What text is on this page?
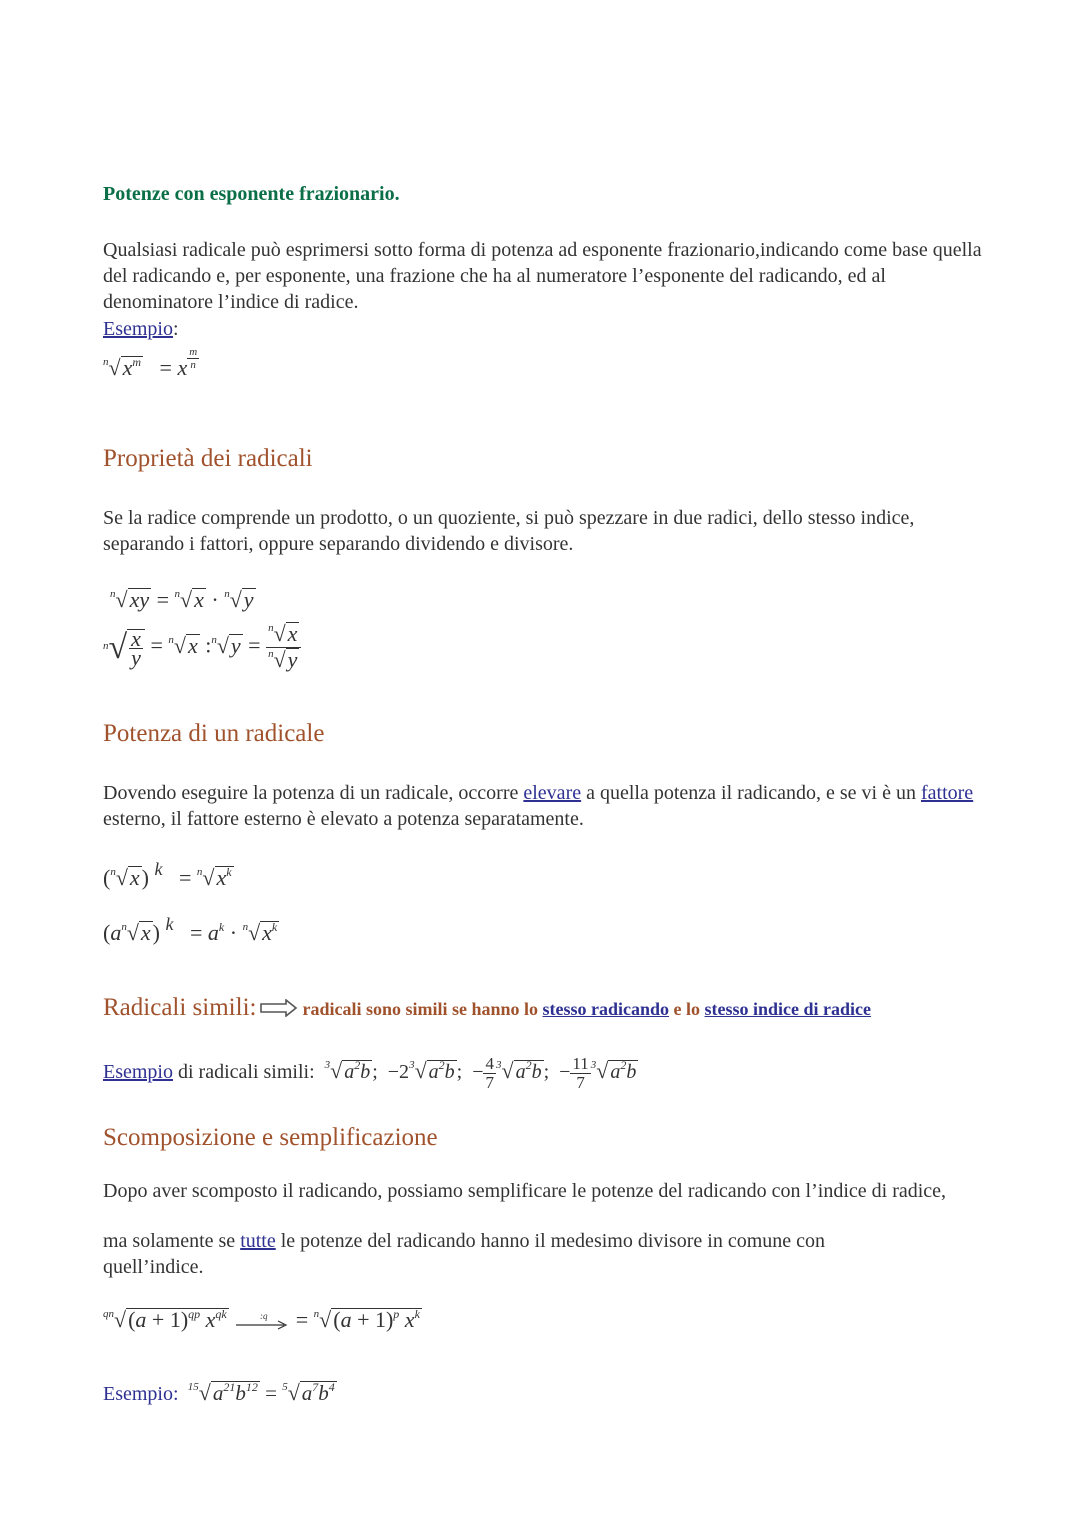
Potenze con esponente frazionario.
Qualsiasi radicale può esprimersi sotto forma di potenza ad esponente frazionario,indicando come base quella del radicando e, per esponente, una frazione che ha al numeratore l’esponente del radicando, ed al denominatore l’indice di radice.
Esempio:
$^n√x^m = x$ $^{\frac{m}{n}}$
Proprietà dei radicali
Se la radice comprende un prodotto, o un quoziente, si può spezzare in due radici, dello stesso indice, separando i fattori, oppure separando dividendo e divisore.
$^n$√xy = $^n$√x · $^n$√y
$n√ \frac{x}{y} = ^n√x$ :$^n$√y = $\frac{^n√x}{^n√y}$
Potenza di un radicale
Dovendo eseguire la potenza di un radicale, occorre elevare a quella potenza il radicando, e se vi è un fattore esterno, il fattore esterno è elevato a potenza separatamente.
($^n$√x) $^k = ^n√x^k$
$(a^n√x) ^k = a^k \cdot ^n√x^k$
Radicali simili:	radicali sono simili se hanno lo stesso radicando e lo stesso indice di radice
Esempio di radicali simili: $^3$√ $a^2b$ ; $-2^3√$ $a^2b$ ; − $\frac{4}{7} ^3√$ $a^2b$ ; − $\frac{11}{7} ^3√$ $a^2b$
Scomposizione e semplificazione
Dopo aver scomposto il radicando, possiamo semplificare le potenze del radicando con l’indice di radice,
ma solamente se tutte le potenze del radicando hanno il medesimo divisore in comune con quell’indice.
$^{qn}√(a + 1)^{qp}$ $x^{qk}$	:q = $^n√(a + 1)^p$ $x^k$
Esempio: $^{15}√a^{21}b^{12} = ^5√a^7b^4$
